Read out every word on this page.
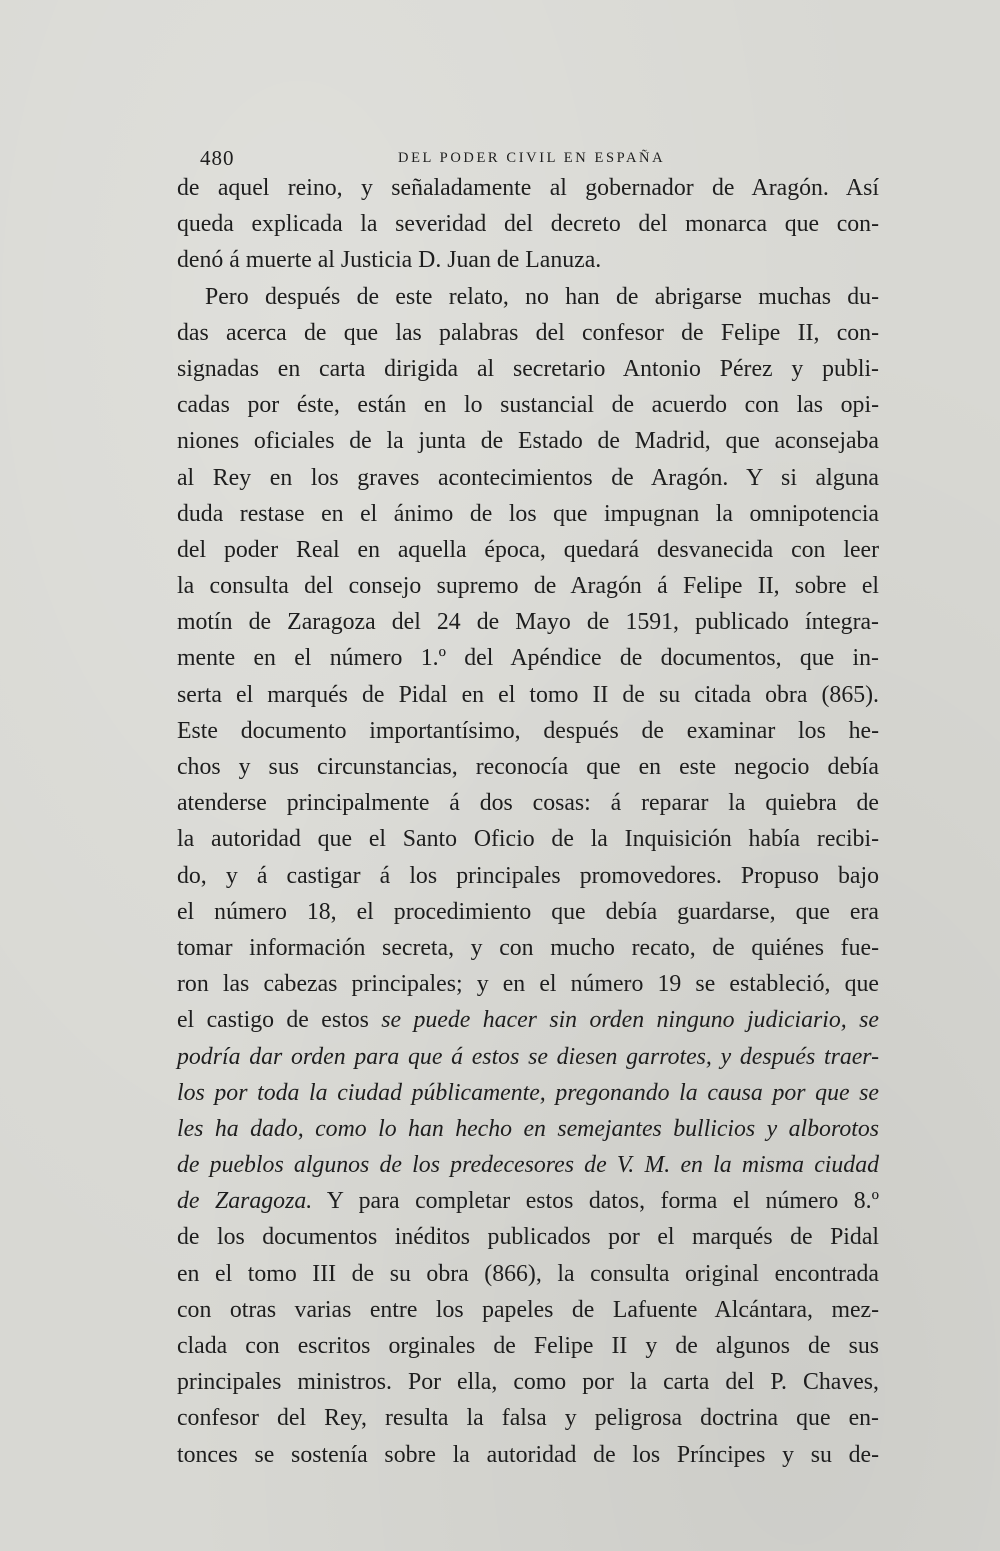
480	DEL PODER CIVIL EN ESPAÑA
de aquel reino, y señaladamente al gobernador de Aragón. Así
queda explicada la severidad del decreto del monarca que con-
denó á muerte al Justicia D. Juan de Lanuza.
Pero después de este relato, no han de abrigarse muchas du-
das acerca de que las palabras del confesor de Felipe II, con-
signadas en carta dirigida al secretario Antonio Pérez y publi-
cadas por éste, están en lo sustancial de acuerdo con las opi-
niones oficiales de la junta de Estado de Madrid, que aconsejaba
al Rey en los graves acontecimientos de Aragón. Y si alguna
duda restase en el ánimo de los que impugnan la omnipotencia
del poder Real en aquella época, quedará desvanecida con leer
la consulta del consejo supremo de Aragón á Felipe II, sobre el
motín de Zaragoza del 24 de Mayo de 1591, publicado íntegra-
mente en el número 1.º del Apéndice de documentos, que in-
serta el marqués de Pidal en el tomo II de su citada obra (865).
Este documento importantísimo, después de examinar los he-
chos y sus circunstancias, reconocía que en este negocio debía
atenderse principalmente á dos cosas: á reparar la quiebra de
la autoridad que el Santo Oficio de la Inquisición había recibi-
do, y á castigar á los principales promovedores. Propuso bajo
el número 18, el procedimiento que debía guardarse, que era
tomar información secreta, y con mucho recato, de quiénes fue-
ron las cabezas principales; y en el número 19 se estableció, que
el castigo de estos se puede hacer sin orden ninguno judiciario, se
podría dar orden para que á estos se diesen garrotes, y después traer-
los por toda la ciudad públicamente, pregonando la causa por que se
les ha dado, como lo han hecho en semejantes bullicios y alborotos
de pueblos algunos de los predecesores de V. M. en la misma ciudad
de Zaragoza. Y para completar estos datos, forma el número 8.º
de los documentos inéditos publicados por el marqués de Pidal
en el tomo III de su obra (866), la consulta original encontrada
con otras varias entre los papeles de Lafuente Alcántara, mez-
clada con escritos orginales de Felipe II y de algunos de sus
principales ministros. Por ella, como por la carta del P. Chaves,
confesor del Rey, resulta la falsa y peligrosa doctrina que en-
tonces se sostenía sobre la autoridad de los Príncipes y su de-
